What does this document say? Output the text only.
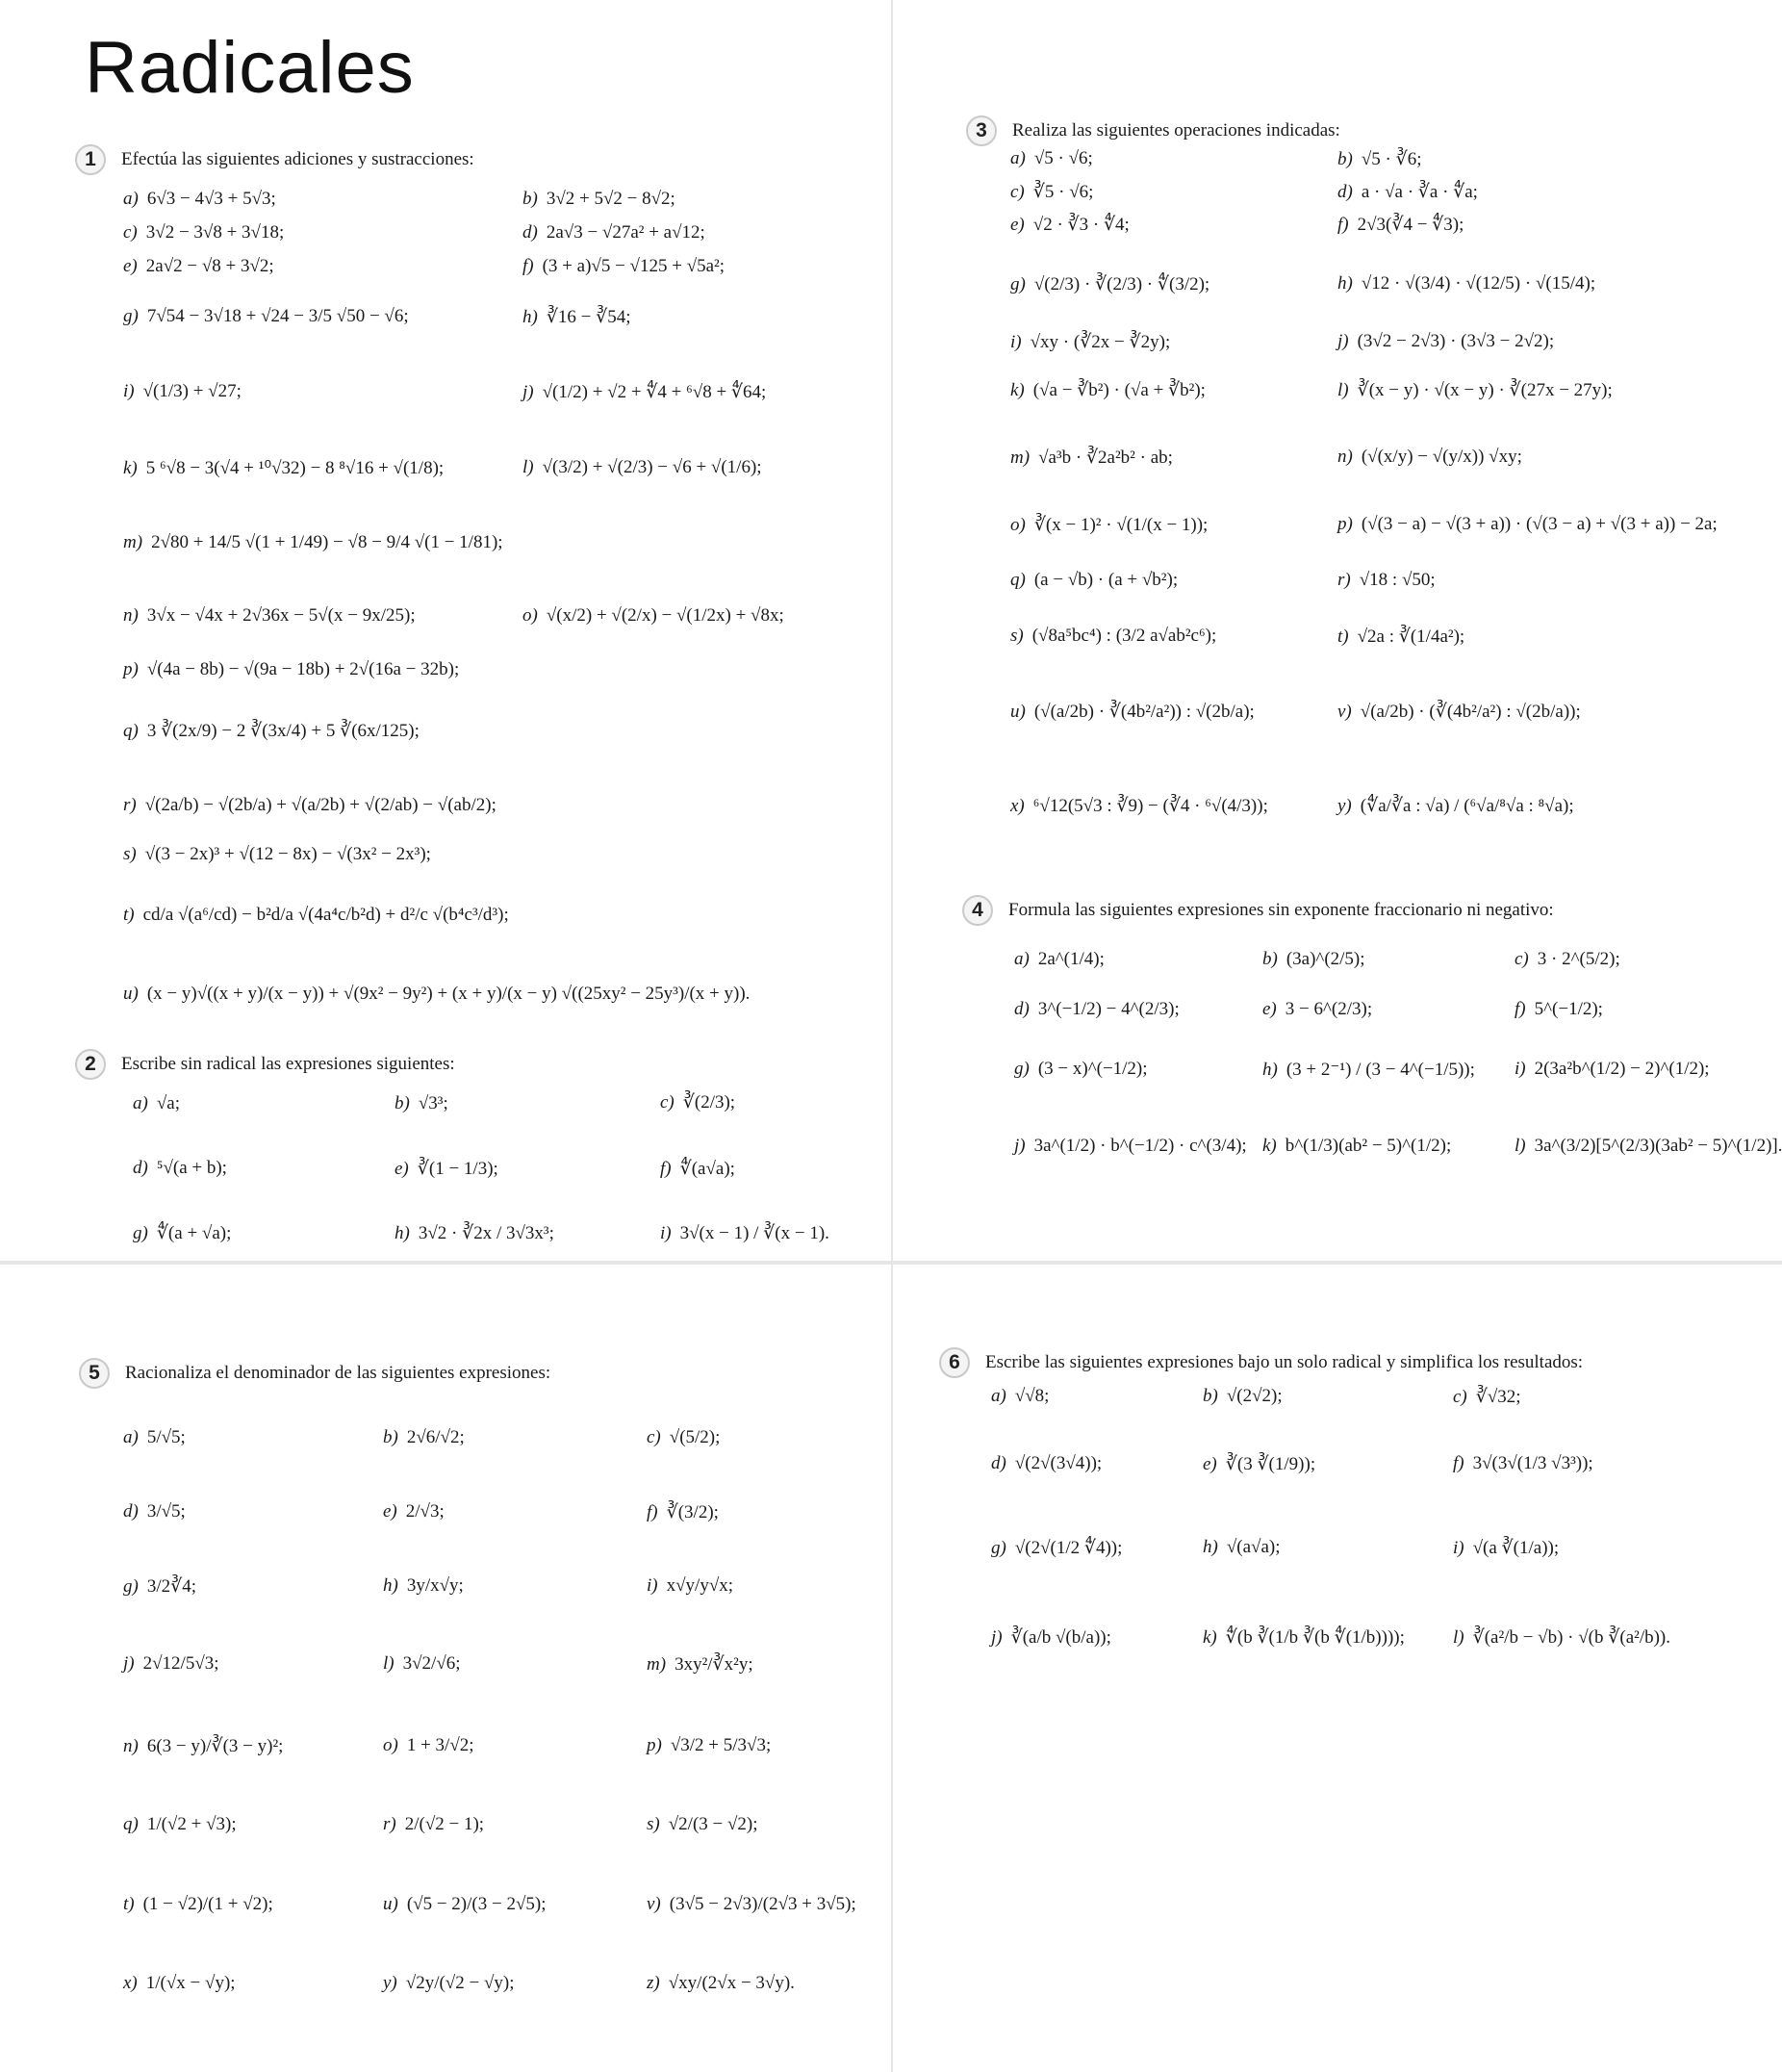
Radicales
1	Efectúa las siguientes adiciones y sustracciones:
a) 6√3 − 4√3 + 5√3;	b) 3√2 + 5√2 − 8√2;
c) 3√2 − 3√8 + 3√18;	d) 2a√3 − √27a² + a√12;
e) 2a√2 − √8 + 3√2;	f) (3 + a)√5 − √125 + √5a²;
g) 7√54 − 3√18 + √24 − 3/5 √50 − √6;	h) ∛16 − ∛54;
i) √(1/3) + √27;	j) √(1/2) + √2 + ∜4 + ⁶√8 + ∜64;
k) 5 ⁶√8 − 3(√4 + ¹⁰√32) − 8 ⁸√16 + √(1/8);	l) √(3/2) + √(2/3) − √6 + √(1/6);
m) 2√80 + 14/5 √(1 + 1/49) − √8 − 9/4 √(1 − 1/81);
n) 3√x − √4x + 2√36x − 5√(x − 9x/25);	o) √(x/2) + √(2/x) − √(1/2x) + √8x;
p) √(4a − 8b) − √(9a − 18b) + 2√(16a − 32b);
q) 3 ∛(2x/9) − 2 ∛(3x/4) + 5 ∛(6x/125);
r) √(2a/b) − √(2b/a) + √(a/2b) + √(2/ab) − √(ab/2);
s) √(3 − 2x)³ + √(12 − 8x) − √(3x² − 2x³);
t) cd/a √(a⁶/cd) − b²d/a √(4a⁴c/b²d) + d²/c √(b⁴c³/d³);
u) (x − y)√((x + y)/(x − y)) + √(9x² − 9y²) + (x + y)/(x − y) √((25xy² − 25y³)/(x + y)).
2	Escribe sin radical las expresiones siguientes:
a) √a;	b) √3³;	c) ∛(2/3);
d) ⁵√(a + b);	e) ∛(1 − 1/3);	f) ∜(a√a);
g) ∜(a + √a);	h) 3√2 · ∛2x / 3√3x³;	i) 3√(x − 1) / ∛(x − 1).
3	Realiza las siguientes operaciones indicadas:
a) √5 · √6;	b) √5 · ∛6;
c) ∛5 · √6;	d) a · √a · ∛a · ∜a;
e) √2 · ∛3 · ∜4;	f) 2√3(∛4 − ∜3);
g) √(2/3) · ∛(2/3) · ∜(3/2);	h) √12 · √(3/4) · √(12/5) · √(15/4);
i) √xy · (∛2x − ∛2y);	j) (3√2 − 2√3) · (3√3 − 2√2);
k) (√a − ∛b²) · (√a + ∛b²);	l) ∛(x − y) · √(x − y) · ∛(27x − 27y);
m) √a³b · ∛2a²b² · ab;	n) (√(x/y) − √(y/x)) √xy;
o) ∛(x − 1)² · √(1/(x − 1));	p) (√(3 − a) − √(3 + a)) · (√(3 − a) + √(3 + a)) − 2a;
q) (a − √b) · (a + √b²);	r) √18 : √50;
s) (√8a⁵bc⁴) : (3/2 a√ab²c⁶);	t) √2a : ∛(1/4a²);
u) (√(a/2b) · ∛(4b²/a²)) : √(2b/a);	v) √(a/2b) · (∛(4b²/a²) : √(2b/a));
x) ⁶√12(5√3 : ∛9) − (∛4 · ⁶√(4/3));	y) (∜a/∛a : √a) / (⁶√a/⁸√a : ⁸√a);
4	Formula las siguientes expresiones sin exponente fraccionario ni negativo:
a) 2a^(1/4);	b) (3a)^(2/5);	c) 3 · 2^(5/2);
d) 3^(−1/2) − 4^(2/3);	e) 3 − 6^(2/3);	f) 5^(−1/2);
g) (3 − x)^(−1/2);	h) (3 + 2⁻¹) / (3 − 4^(−1/5)); i) 2(3a²b^(1/2) − 2)^(1/2);
j) 3a^(1/2) · b^(−1/2) · c^(3/4); k) b^(1/3)(ab² − 5)^(1/2);	l) 3a^(3/2)[5^(2/3)(3ab² − 5)^(1/2)].
5	Racionaliza el denominador de las siguientes expresiones:
a) 5/√5;	b) 2√6/√2;	c) √(5/2);
d) 3/√5;	e) 2/√3;	f) ∛(3/2);
g) 3/2∛4;	h) 3y/x√y;	i) x√y/y√x;
j) 2√12/5√3;	l) 3√2/√6;	m) 3xy²/∛x²y;
n) 6(3 − y)/∛(3 − y)²;	o) 1 + 3/√2;	p) √3/2 + 5/3√3;
q) 1/(√2 + √3);	r) 2/(√2 − 1);	s) √2/(3 − √2);
t) (1 − √2)/(1 + √2);	u) (√5 − 2)/(3 − 2√5);	v) (3√5 − 2√3)/(2√3 + 3√5);
x) 1/(√x − √y);	y) √2y/(√2 − √y);	z) √xy/(2√x − 3√y).
6	Escribe las siguientes expresiones bajo un solo radical y simplifica los resultados:
a) √√8;	b) √(2√2);	c) ∛√32;
d) √(2√(3√4));	e) ∛(3 ∛(1/9));	f) 3√(3√(1/3 √3³));
g) √(2√(1/2 ∜4));	h) √(a√a);	i) √(a ∛(1/a));
j) ∛(a/b √(b/a));	k) ∜(b ∛(1/b ∛(b ∜(1/b))));	l) ∛(a²/b − √b) · √(b ∛(a²/b)).
